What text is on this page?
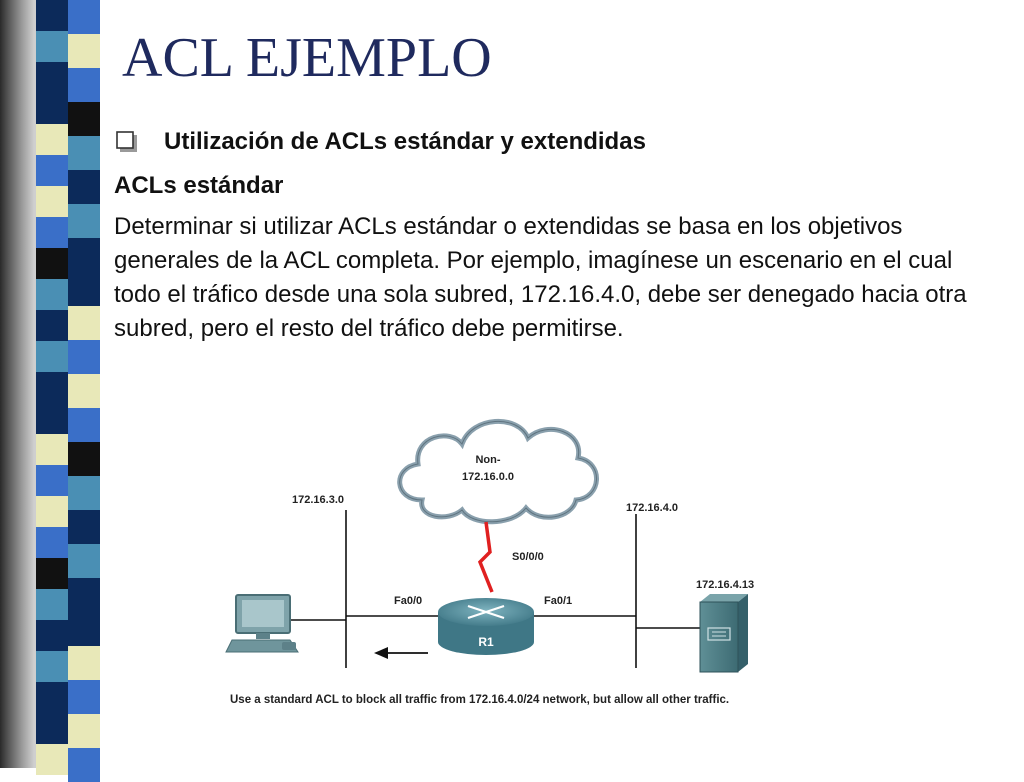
ACL EJEMPLO
Utilización de ACLs estándar y extendidas
ACLs estándar

Determinar si utilizar ACLs estándar o extendidas se basa en los objetivos generales de la ACL completa. Por ejemplo, imagínese un escenario en el cual todo el tráfico desde una sola subred, 172.16.4.0, debe ser denegado hacia otra subred, pero el resto del tráfico debe permitirse.

Non-
172.16.0.0
S0/0/0
172.16.3.0
172.16.4.0
Fa0/0	Fa0/1
R1
172.16.4.13
Use a standard ACL to block all traffic from 172.16.4.0/24 network, but allow all other traffic.
